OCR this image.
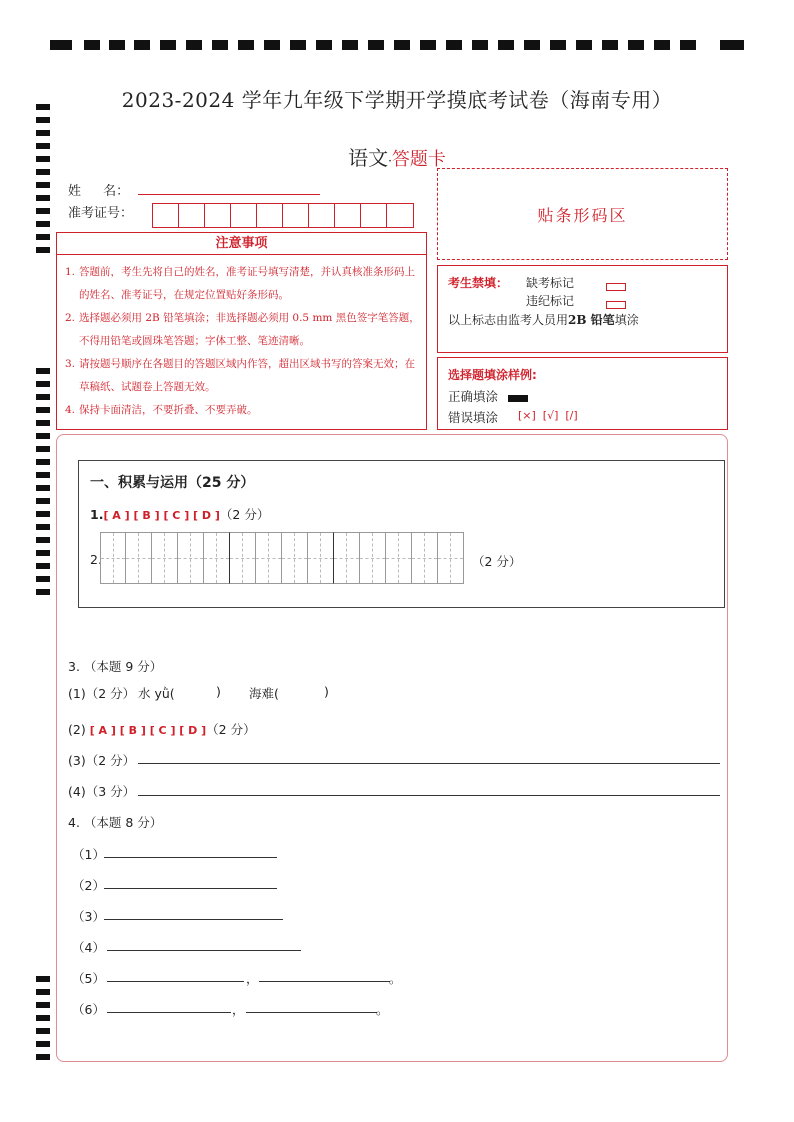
2023-2024 学年九年级下学期开学摸底考试卷（海南专用）
语文·答题卡
姓 名：
准考证号：	贴条形码区
注意事项
1. 答题前，考生先将自己的姓名，准考证号填写清楚，并认真核准条形码上的姓名、准考证号，在规定位置贴好条形码。
2. 选择题必须用 2B 铅笔填涂；非选择题必须用 0.5 mm 黑色签字笔答题，不得用铅笔或圆珠笔答题；字体工整、笔迹清晰。
3. 请按题号顺序在各题目的答题区域内作答，超出区域书写的答案无效；在草稿纸、试题卷上答题无效。
4. 保持卡面清洁，不要折叠、不要弄破。
考生禁填： 缺考标记
违纪标记
以上标志由监考人员用2B 铅笔填涂
选择题填涂样例:
正确填涂
错误填涂 [×]  [√]  [/]
一、积累与运用（25 分）
1.[ A ] [ B ] [ C ] [ D ]（2 分）
2.	（2 分）
3. （本题 9 分）
(1)（2 分） 水 yǜ(	) 海难(	)
(2) [ A ] [ B ] [ C ] [ D ]（2 分）
(3)（2 分）
(4)（3 分）
4. （本题 8 分）
（1）
（2）
（3）
（4）
（5）	，	。
（6）	，	。
